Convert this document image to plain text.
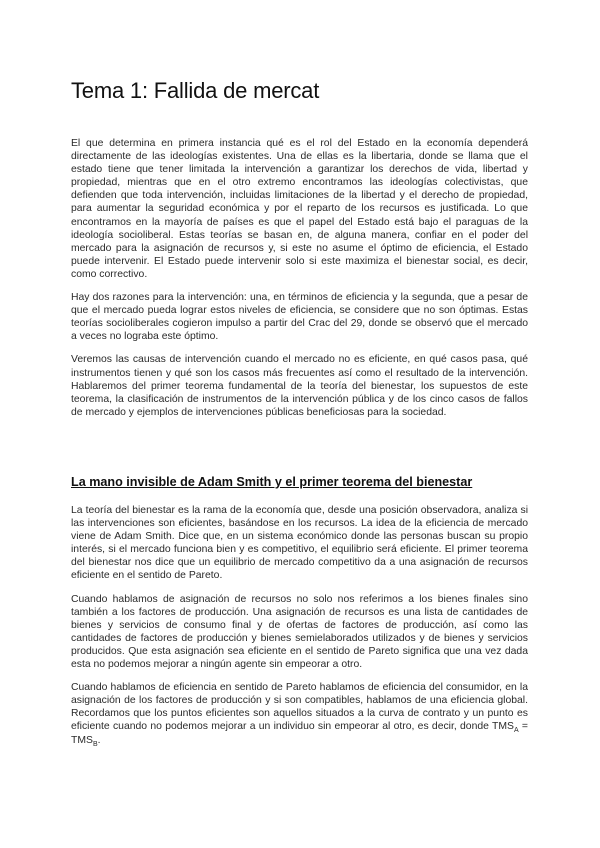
Tema 1: Fallida de mercat

El que determina en primera instancia qué es el rol del Estado en la economía dependerá directamente de las ideologías existentes. Una de ellas es la libertaria, donde se llama que el estado tiene que tener limitada la intervención a garantizar los derechos de vida, libertad y propiedad, mientras que en el otro extremo encontramos las ideologías colectivistas, que defienden que toda intervención, incluidas limitaciones de la libertad y el derecho de propiedad, para aumentar la seguridad económica y por el reparto de los recursos es justificada. Lo que encontramos en la mayoría de países es que el papel del Estado está bajo el paraguas de la ideología socioliberal. Estas teorías se basan en, de alguna manera, confiar en el poder del mercado para la asignación de recursos y, si este no asume el óptimo de eficiencia, el Estado puede intervenir. El Estado puede intervenir solo si este maximiza el bienestar social, es decir, como correctivo.

Hay dos razones para la intervención: una, en términos de eficiencia y la segunda, que a pesar de que el mercado pueda lograr estos niveles de eficiencia, se considere que no son óptimas. Estas teorías socioliberales cogieron impulso a partir del Crac del 29, donde se observó que el mercado a veces no lograba este óptimo.

Veremos las causas de intervención cuando el mercado no es eficiente, en qué casos pasa, qué instrumentos tienen y qué son los casos más frecuentes así como el resultado de la intervención. Hablaremos del primer teorema fundamental de la teoría del bienestar, los supuestos de este teorema, la clasificación de instrumentos de la intervención pública y de los cinco casos de fallos de mercado y ejemplos de intervenciones públicas beneficiosas para la sociedad.

La mano invisible de Adam Smith y el primer teorema del bienestar

La teoría del bienestar es la rama de la economía que, desde una posición observadora, analiza si las intervenciones son eficientes, basándose en los recursos. La idea de la eficiencia de mercado viene de Adam Smith. Dice que, en un sistema económico donde las personas buscan su propio interés, si el mercado funciona bien y es competitivo, el equilibrio será eficiente. El primer teorema del bienestar nos dice que un equilibrio de mercado competitivo da a una asignación de recursos eficiente en el sentido de Pareto.

Cuando hablamos de asignación de recursos no solo nos referimos a los bienes finales sino también a los factores de producción. Una asignación de recursos es una lista de cantidades de bienes y servicios de consumo final y de ofertas de factores de producción, así como las cantidades de factores de producción y bienes semielaborados utilizados y de bienes y servicios producidos. Que esta asignación sea eficiente en el sentido de Pareto significa que una vez dada esta no podemos mejorar a ningún agente sin empeorar a otro.

Cuando hablamos de eficiencia en sentido de Pareto hablamos de eficiencia del consumidor, en la asignación de los factores de producción y si son compatibles, hablamos de una eficiencia global. Recordamos que los puntos eficientes son aquellos situados a la curva de contrato y un punto es eficiente cuando no podemos mejorar a un individuo sin empeorar al otro, es decir, donde $TMS_A = TMS_B$.
